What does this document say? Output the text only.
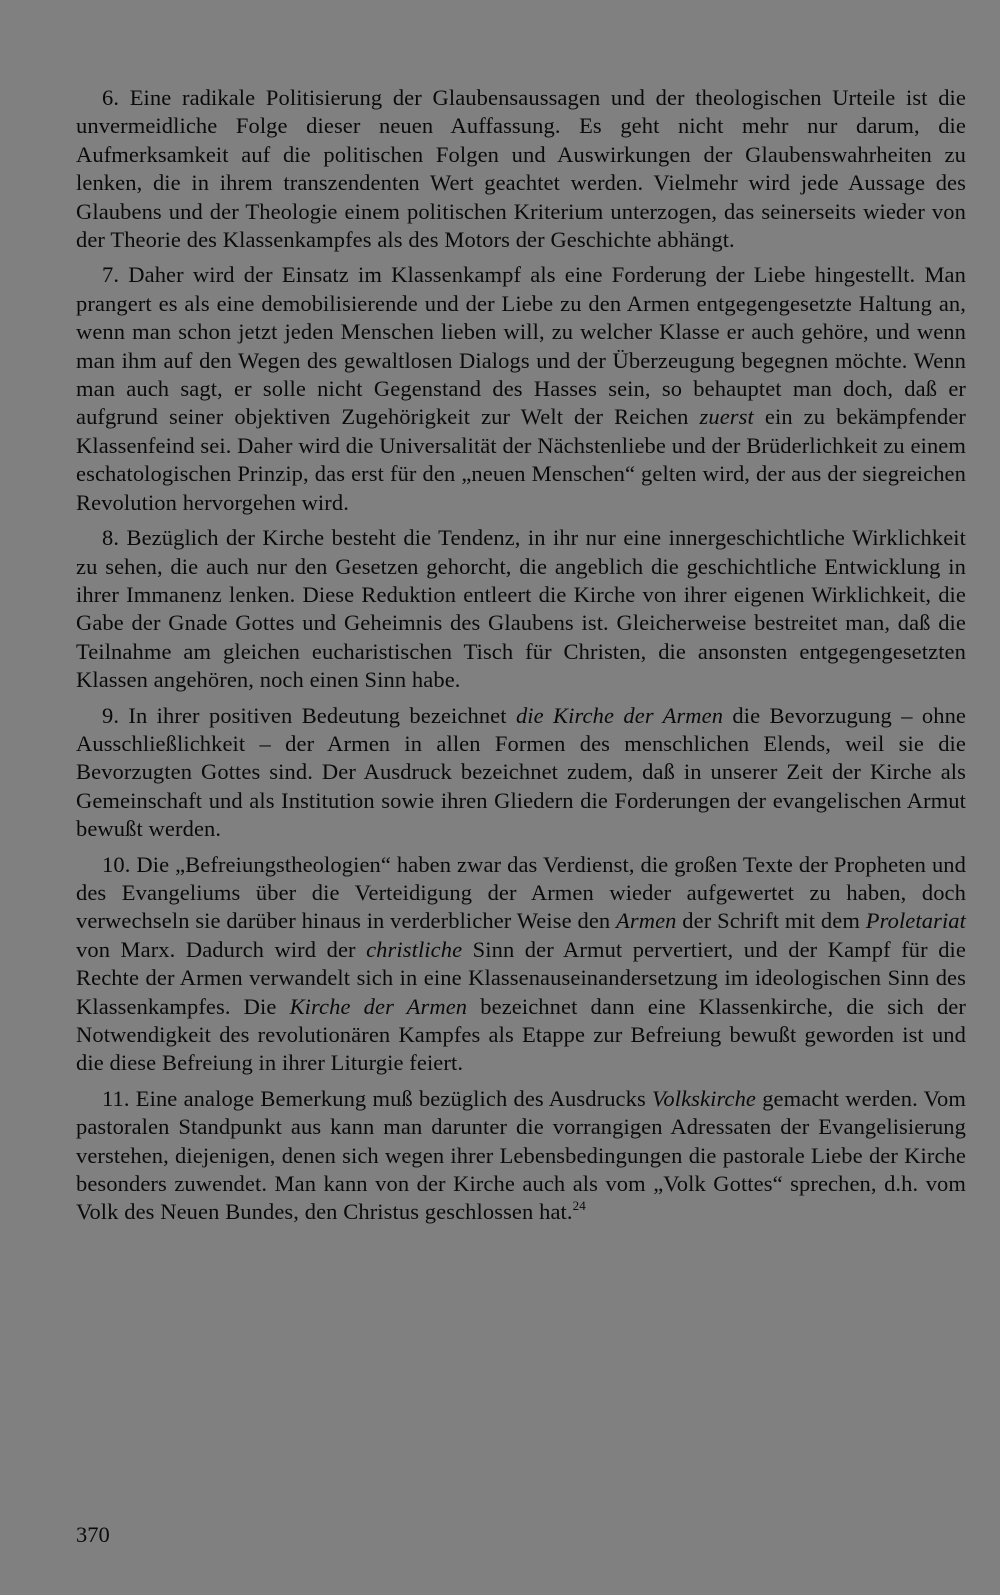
6. Eine radikale Politisierung der Glaubensaussagen und der theologischen Urteile ist die unvermeidliche Folge dieser neuen Auffassung. Es geht nicht mehr nur darum, die Aufmerksamkeit auf die politischen Folgen und Auswirkungen der Glaubenswahrheiten zu lenken, die in ihrem transzendenten Wert geachtet werden. Vielmehr wird jede Aussage des Glaubens und der Theologie einem politischen Kriterium unterzogen, das seinerseits wieder von der Theorie des Klassenkampfes als des Motors der Geschichte abhängt.

7. Daher wird der Einsatz im Klassenkampf als eine Forderung der Liebe hingestellt. Man prangert es als eine demobilisierende und der Liebe zu den Armen entgegengesetzte Haltung an, wenn man schon jetzt jeden Menschen lieben will, zu welcher Klasse er auch gehöre, und wenn man ihm auf den Wegen des gewaltlosen Dialogs und der Überzeugung begegnen möchte. Wenn man auch sagt, er solle nicht Gegenstand des Hasses sein, so behauptet man doch, daß er aufgrund seiner objektiven Zugehörigkeit zur Welt der Reichen zuerst ein zu bekämpfender Klassenfeind sei. Daher wird die Universalität der Nächstenliebe und der Brüderlichkeit zu einem eschatologischen Prinzip, das erst für den „neuen Menschen“ gelten wird, der aus der siegreichen Revolution hervorgehen wird.

8. Bezüglich der Kirche besteht die Tendenz, in ihr nur eine innergeschichtliche Wirklichkeit zu sehen, die auch nur den Gesetzen gehorcht, die angeblich die geschichtliche Entwicklung in ihrer Immanenz lenken. Diese Reduktion entleert die Kirche von ihrer eigenen Wirklichkeit, die Gabe der Gnade Gottes und Geheimnis des Glaubens ist. Gleicherweise bestreitet man, daß die Teilnahme am gleichen eucharistischen Tisch für Christen, die ansonsten entgegengesetzten Klassen angehören, noch einen Sinn habe.

9. In ihrer positiven Bedeutung bezeichnet die Kirche der Armen die Bevorzugung – ohne Ausschließlichkeit – der Armen in allen Formen des menschlichen Elends, weil sie die Bevorzugten Gottes sind. Der Ausdruck bezeichnet zudem, daß in unserer Zeit der Kirche als Gemeinschaft und als Institution sowie ihren Gliedern die Forderungen der evangelischen Armut bewußt werden.

10. Die „Befreiungstheologien“ haben zwar das Verdienst, die großen Texte der Propheten und des Evangeliums über die Verteidigung der Armen wieder aufgewertet zu haben, doch verwechseln sie darüber hinaus in verderblicher Weise den Armen der Schrift mit dem Proletariat von Marx. Dadurch wird der christliche Sinn der Armut pervertiert, und der Kampf für die Rechte der Armen verwandelt sich in eine Klassenauseinandersetzung im ideologischen Sinn des Klassenkampfes. Die Kirche der Armen bezeichnet dann eine Klassenkirche, die sich der Notwendigkeit des revolutionären Kampfes als Etappe zur Befreiung bewußt geworden ist und die diese Befreiung in ihrer Liturgie feiert.

11. Eine analoge Bemerkung muß bezüglich des Ausdrucks Volkskirche gemacht werden. Vom pastoralen Standpunkt aus kann man darunter die vorrangigen Adressaten der Evangelisierung verstehen, diejenigen, denen sich wegen ihrer Lebensbedingungen die pastorale Liebe der Kirche besonders zuwendet. Man kann von der Kirche auch als vom „Volk Gottes“ sprechen, d.h. vom Volk des Neuen Bundes, den Christus geschlossen hat.$^{24}$

370
